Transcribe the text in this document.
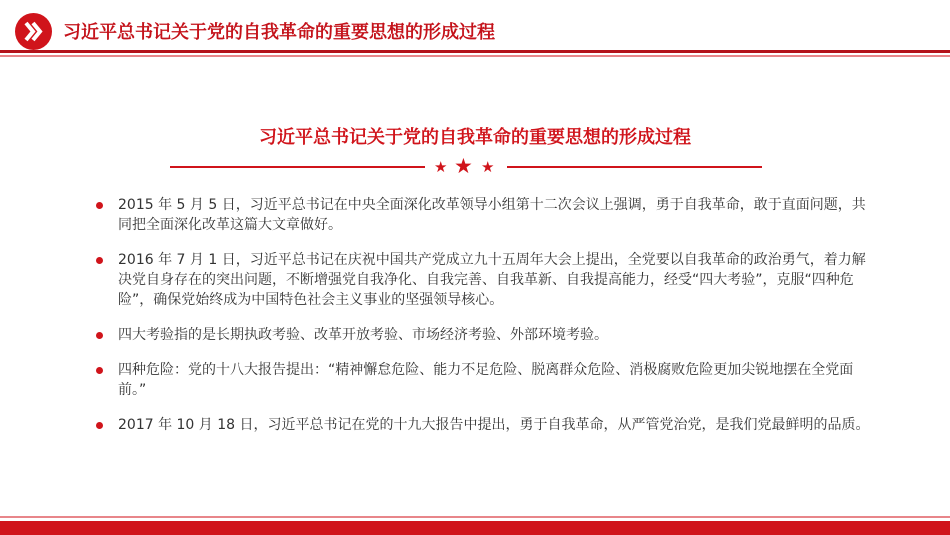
习近平总书记关于党的自我革命的重要思想的形成过程
习近平总书记关于党的自我革命的重要思想的形成过程
★ ★ ★
2015 年 5 月 5 日，习近平总书记在中央全面深化改革领导小组第十二次会议上强调，勇于自我革命，敢于直面问题，共同把全面深化改革这篇大文章做好。
2016 年 7 月 1 日，习近平总书记在庆祝中国共产党成立九十五周年大会上提出，全党要以自我革命的政治勇气，着力解决党自身存在的突出问题，不断增强党自我净化、自我完善、自我革新、自我提高能力，经受“四大考验”，克服“四种危险”，确保党始终成为中国特色社会主义事业的坚强领导核心。
四大考验指的是长期执政考验、改革开放考验、市场经济考验、外部环境考验。
四种危险：党的十八大报告提出：“精神懈怠危险、能力不足危险、脱离群众危险、消极腐败危险更加尖锐地摆在全党面前。”
2017 年 10 月 18 日，习近平总书记在党的十九大报告中提出，勇于自我革命，从严管党治党，是我们党最鲜明的品质。
